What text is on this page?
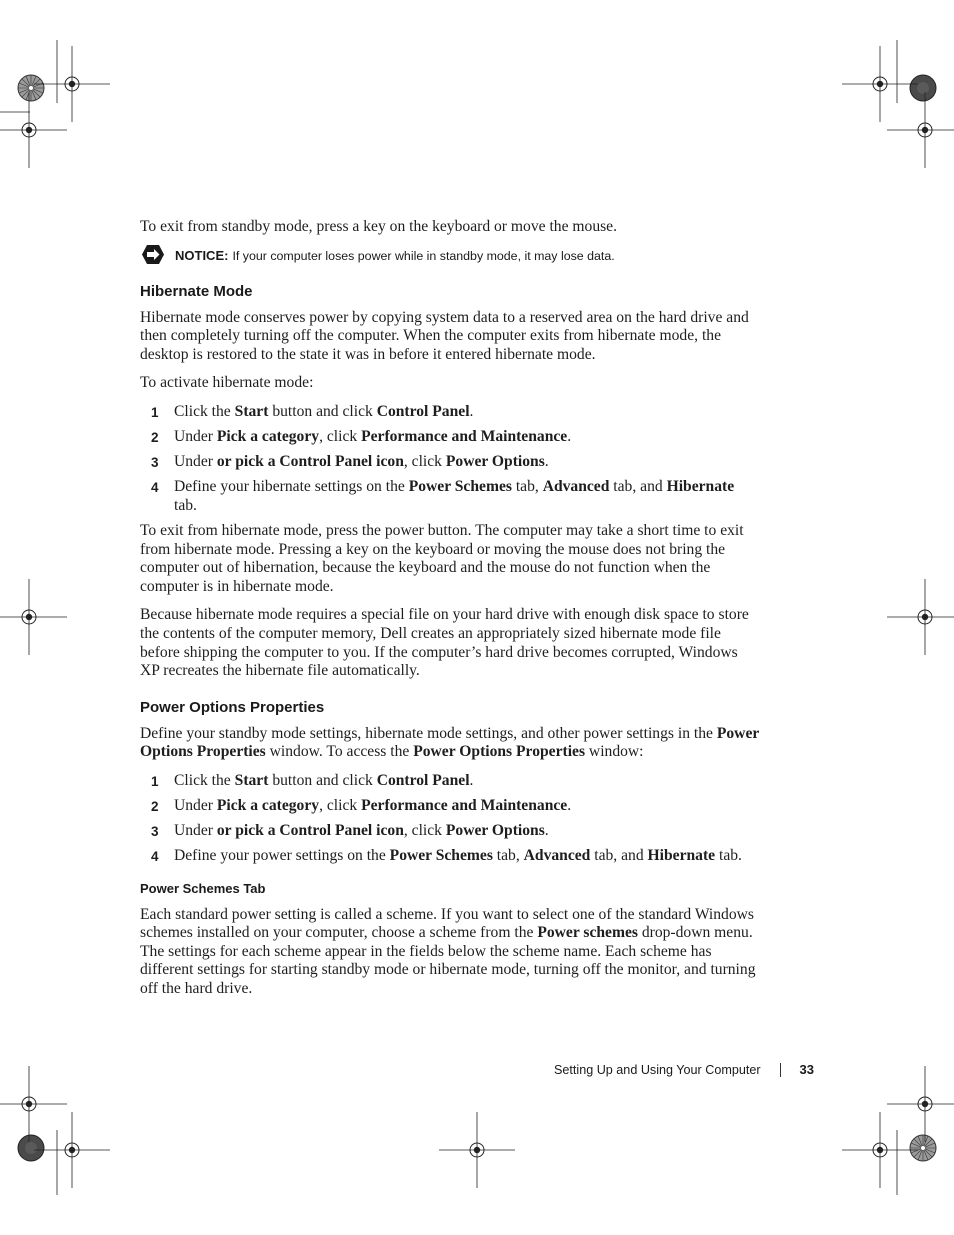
To exit from standby mode, press a key on the keyboard or move the mouse.

NOTICE: If your computer loses power while in standby mode, it may lose data.
Hibernate Mode

Hibernate mode conserves power by copying system data to a reserved area on the hard drive and then completely turning off the computer. When the computer exits from hibernate mode, the desktop is restored to the state it was in before it entered hibernate mode.

To activate hibernate mode:

1 Click the Start button and click Control Panel.
2 Under Pick a category, click Performance and Maintenance.
3 Under or pick a Control Panel icon, click Power Options.
4 Define your hibernate settings on the Power Schemes tab, Advanced tab, and Hibernate tab.

To exit from hibernate mode, press the power button. The computer may take a short time to exit from hibernate mode. Pressing a key on the keyboard or moving the mouse does not bring the computer out of hibernation, because the keyboard and the mouse do not function when the computer is in hibernate mode.

Because hibernate mode requires a special file on your hard drive with enough disk space to store the contents of the computer memory, Dell creates an appropriately sized hibernate mode file before shipping the computer to you. If the computer’s hard drive becomes corrupted, Windows XP recreates the hibernate file automatically.

Power Options Properties

Define your standby mode settings, hibernate mode settings, and other power settings in the Power Options Properties window. To access the Power Options Properties window:

1 Click the Start button and click Control Panel.
2 Under Pick a category, click Performance and Maintenance.
3 Under or pick a Control Panel icon, click Power Options.
4 Define your power settings on the Power Schemes tab, Advanced tab, and Hibernate tab.
Power Schemes Tab

Each standard power setting is called a scheme. If you want to select one of the standard Windows schemes installed on your computer, choose a scheme from the Power schemes drop-down menu. The settings for each scheme appear in the fields below the scheme name. Each scheme has different settings for starting standby mode or hibernate mode, turning off the monitor, and turning off the hard drive.

Setting Up and Using Your Computer	33
